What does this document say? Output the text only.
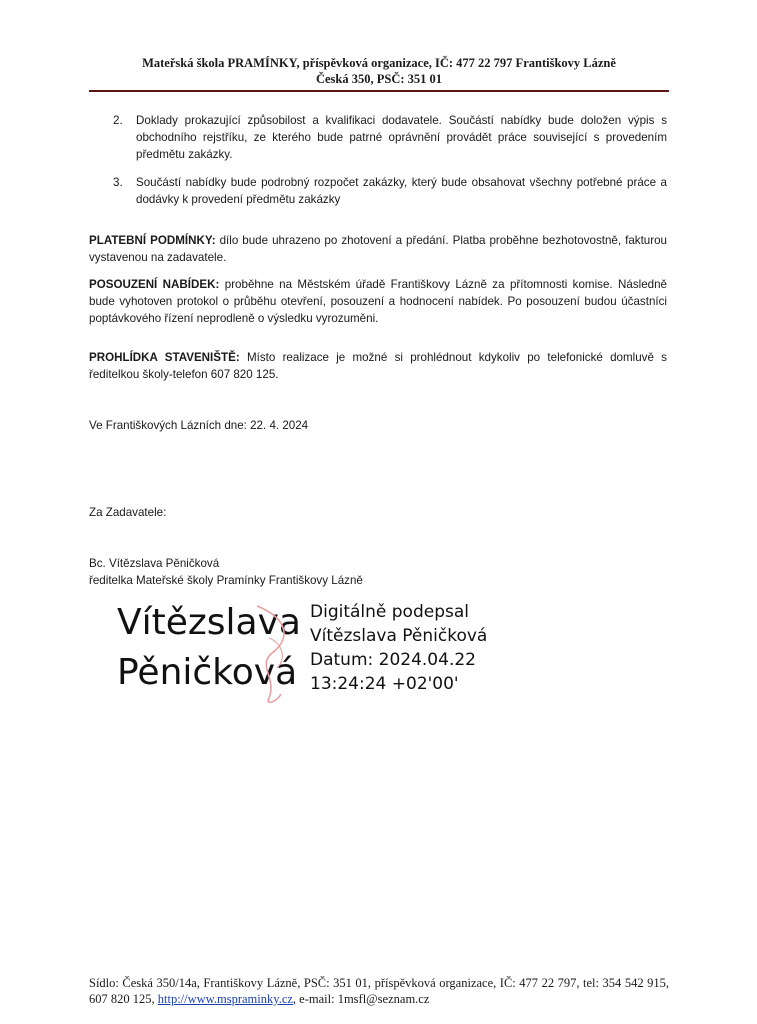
Mateřská škola PRAMÍNKY, příspěvková organizace, IČ: 477 22 797 Františkovy Lázně
Česká 350, PSČ: 351 01
2. Doklady prokazující způsobilost a kvalifikaci dodavatele. Součástí nabídky bude doložen výpis s obchodního rejstříku, ze kterého bude patrné oprávnění provádět práce související s provedením předmětu zakázky.
3. Součástí nabídky bude podrobný rozpočet zakázky, který bude obsahovat všechny potřebné práce a dodávky k provedení předmětu zakázky
PLATEBNÍ PODMÍNKY: dílo bude uhrazeno po zhotovení a předání. Platba proběhne bezhotovostně, fakturou vystavenou na zadavatele.
POSOUZENÍ NABÍDEK: proběhne na Městském úřadě Františkovy Lázně za přítomnosti komise. Následně bude vyhotoven protokol o průběhu otevření, posouzení a hodnocení nabídek. Po posouzení budou účastníci poptávkového řízení neprodleně o výsledku vyrozuměni.
PROHLÍDKA STAVENIŠTĚ: Místo realizace je možné si prohlédnout kdykoliv po telefonické domluvě s ředitelkou školy-telefon 607 820 125.
Ve Františkových Lázních dne: 22. 4. 2024
Za Zadavatele:
Bc. Vítězslava Pěničková
ředitelka Mateřské školy Pramínky Františkovy Lázně
Vítězslava
Pěničková
Digitálně podepsal
Vítězslava Pěničková
Datum: 2024.04.22
13:24:24 +02'00'
Sídlo: Česká 350/14a, Františkovy Lázně, PSČ: 351 01, příspěvková organizace, IČ: 477 22 797, tel: 354 542 915, 607 820 125, http://www.mspraminky.cz, e-mail: 1msfl@seznam.cz
